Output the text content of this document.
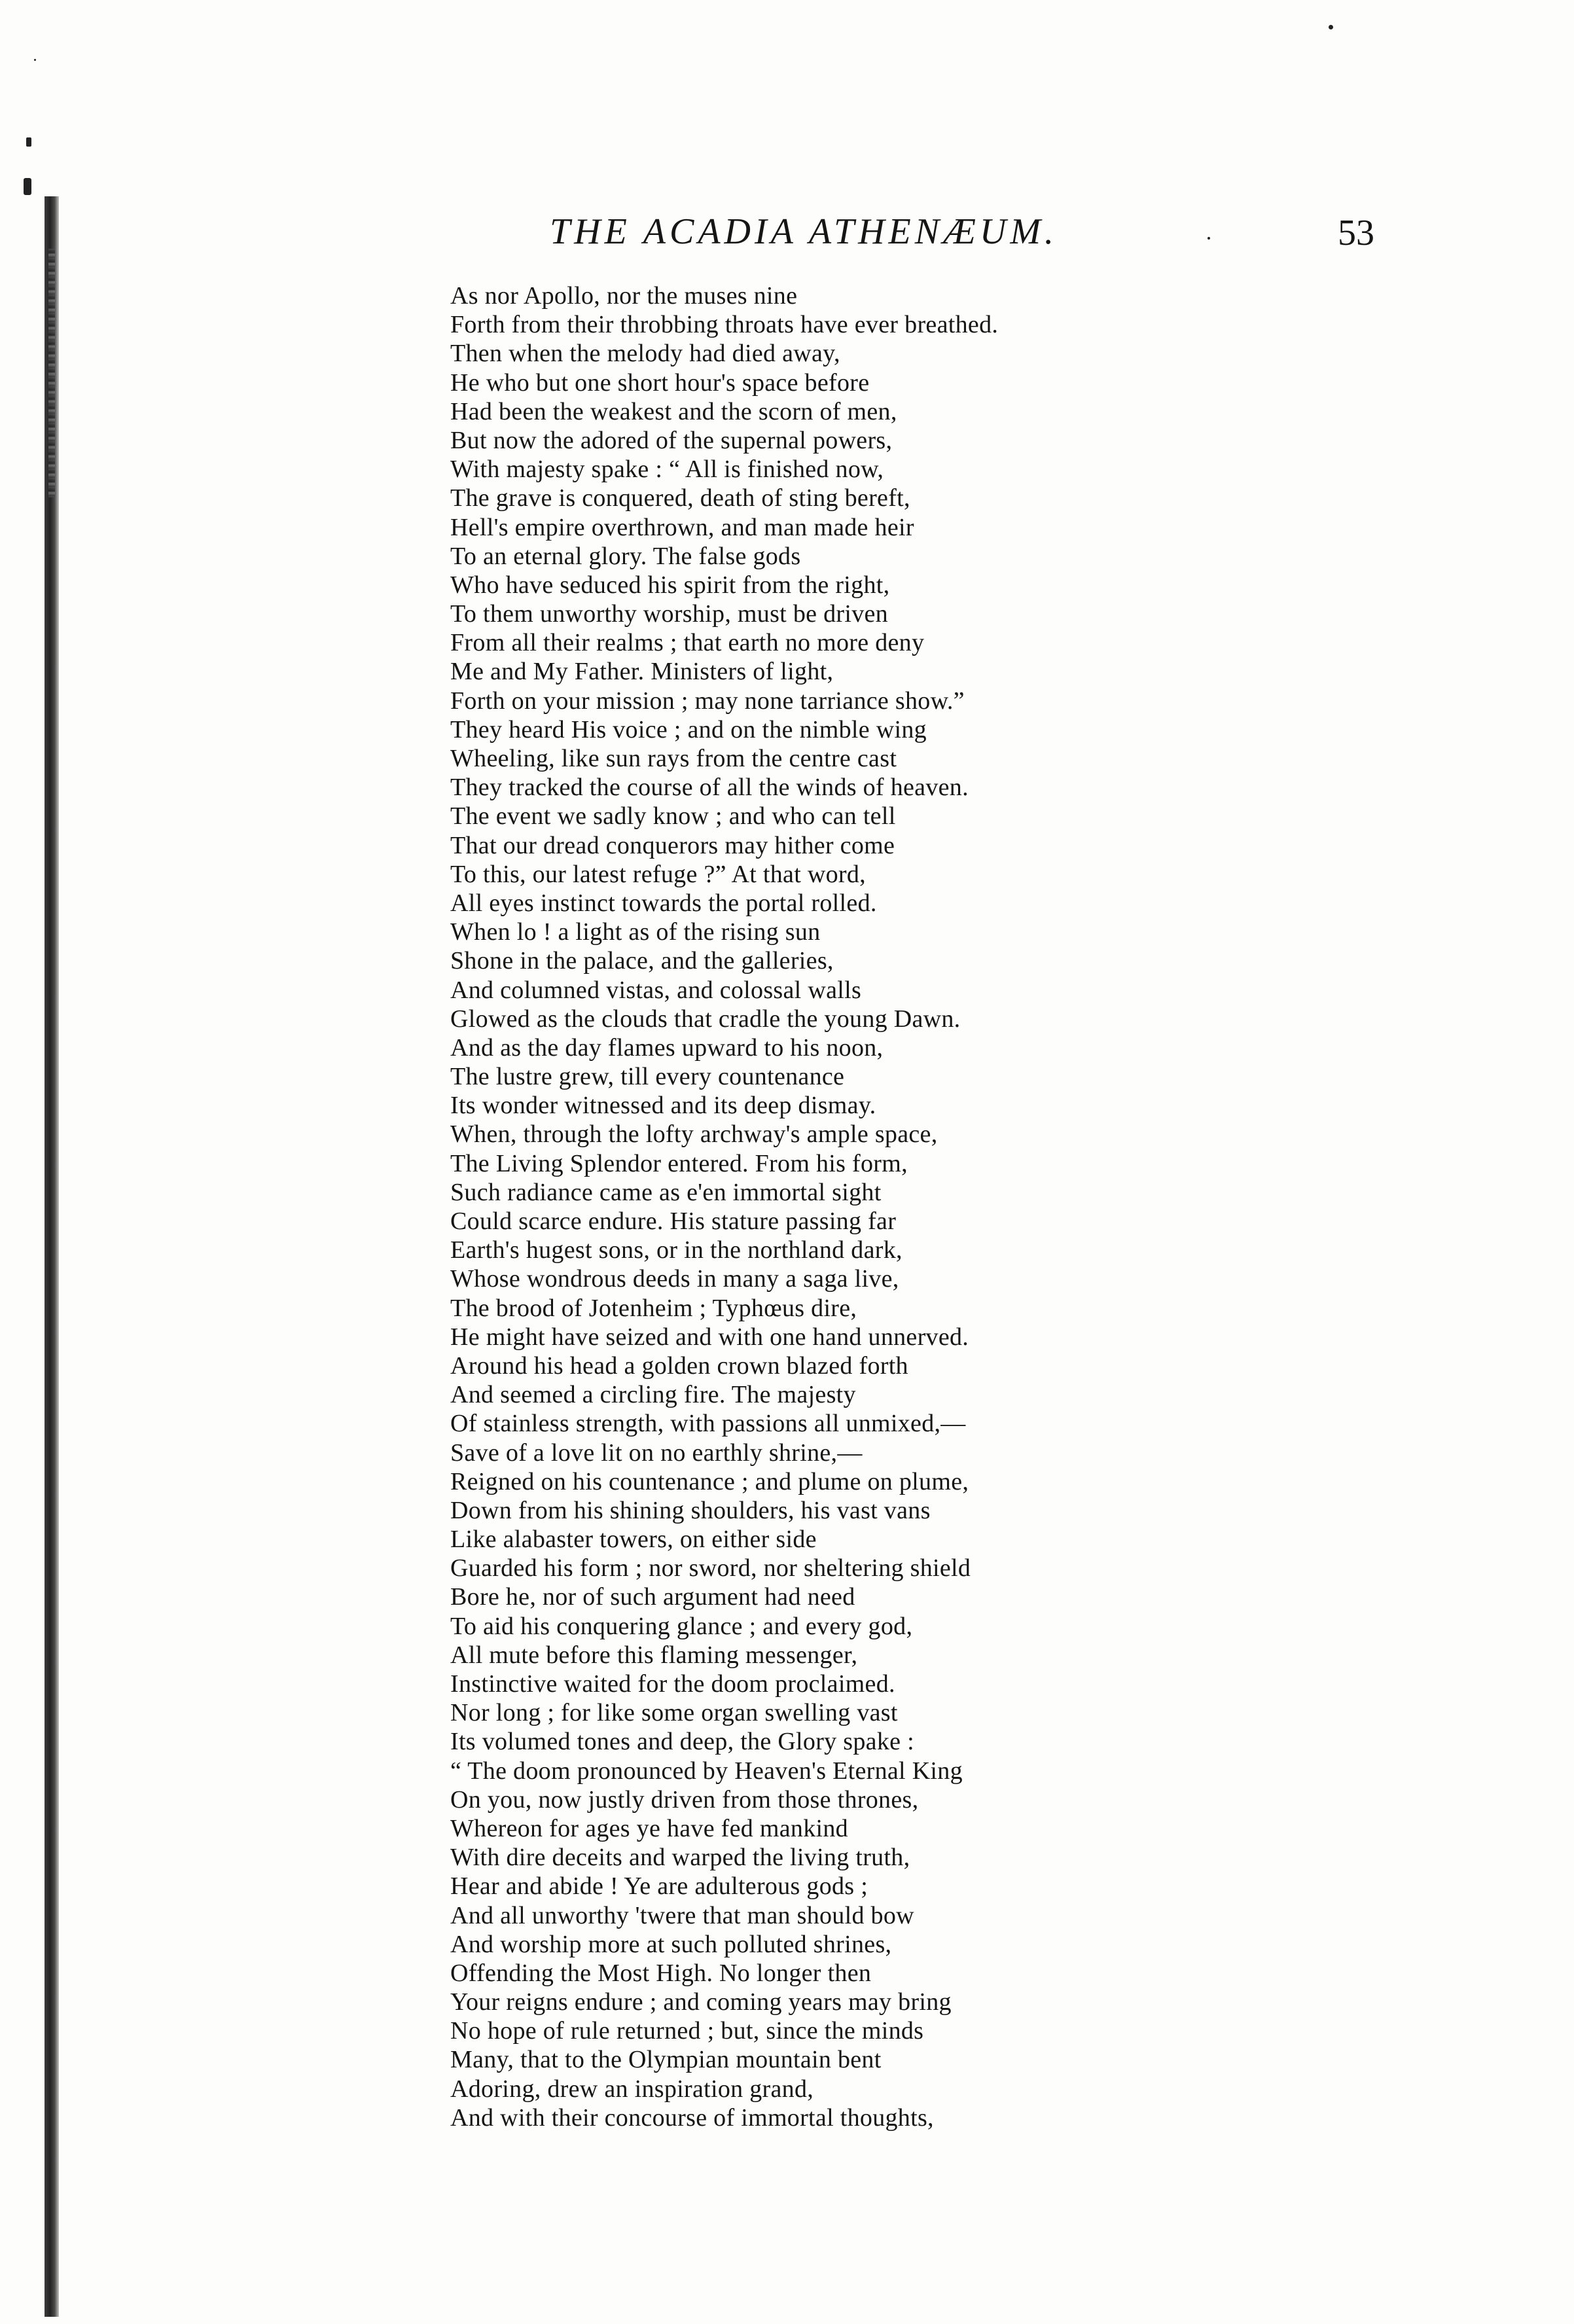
THE ACADIA ATHENÆUM.	53
As nor Apollo, nor the muses nine
Forth from their throbbing throats have ever breathed.
Then when the melody had died away,
He who but one short hour's space before
Had been the weakest and the scorn of men,
But now the adored of the supernal powers,
With majesty spake : “ All is finished now,
The grave is conquered, death of sting bereft,
Hell's empire overthrown, and man made heir
To an eternal glory. The false gods
Who have seduced his spirit from the right,
To them unworthy worship, must be driven
From all their realms ; that earth no more deny
Me and My Father. Ministers of light,
Forth on your mission ; may none tarriance show.”
They heard His voice ; and on the nimble wing
Wheeling, like sun rays from the centre cast
They tracked the course of all the winds of heaven.
The event we sadly know ; and who can tell
That our dread conquerors may hither come
To this, our latest refuge ?” At that word,
All eyes instinct towards the portal rolled.
When lo ! a light as of the rising sun
Shone in the palace, and the galleries,
And columned vistas, and colossal walls
Glowed as the clouds that cradle the young Dawn.
And as the day flames upward to his noon,
The lustre grew, till every countenance
Its wonder witnessed and its deep dismay.
When, through the lofty archway's ample space,
The Living Splendor entered. From his form,
Such radiance came as e'en immortal sight
Could scarce endure. His stature passing far
Earth's hugest sons, or in the northland dark,
Whose wondrous deeds in many a saga live,
The brood of Jotenheim ; Typhœus dire,
He might have seized and with one hand unnerved.
Around his head a golden crown blazed forth
And seemed a circling fire. The majesty
Of stainless strength, with passions all unmixed,—
Save of a love lit on no earthly shrine,—
Reigned on his countenance ; and plume on plume,
Down from his shining shoulders, his vast vans
Like alabaster towers, on either side
Guarded his form ; nor sword, nor sheltering shield
Bore he, nor of such argument had need
To aid his conquering glance ; and every god,
All mute before this flaming messenger,
Instinctive waited for the doom proclaimed.
Nor long ; for like some organ swelling vast
Its volumed tones and deep, the Glory spake :
“ The doom pronounced by Heaven's Eternal King
On you, now justly driven from those thrones,
Whereon for ages ye have fed mankind
With dire deceits and warped the living truth,
Hear and abide ! Ye are adulterous gods ;
And all unworthy 'twere that man should bow
And worship more at such polluted shrines,
Offending the Most High. No longer then
Your reigns endure ; and coming years may bring
No hope of rule returned ; but, since the minds
Many, that to the Olympian mountain bent
Adoring, drew an inspiration grand,
And with their concourse of immortal thoughts,
